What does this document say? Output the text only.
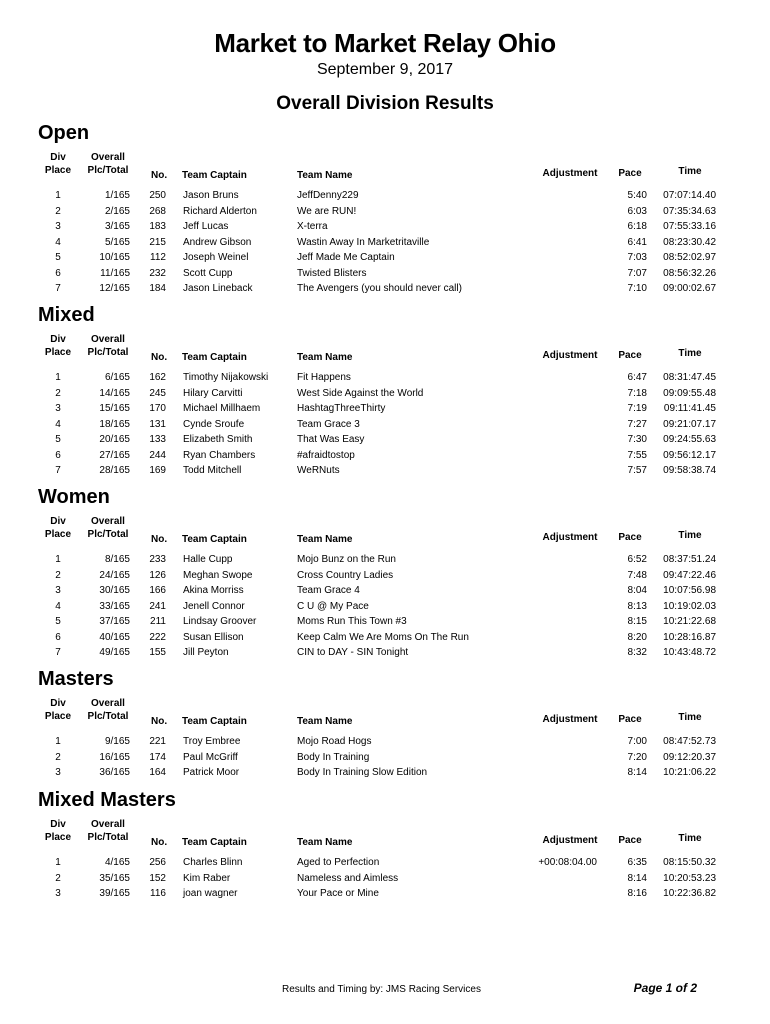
Market to Market Relay Ohio
September 9, 2017
Overall Division Results
Open
Div
Place
Overall
Plc/Total	No.	Team Captain	Team Name	Adjustment	Pace	Time
1	1/165	250 Jason Bruns	JeffDenny229	5:40	07:07:14.40
2	2/165	268 Richard Alderton	We are RUN!	6:03	07:35:34.63
3	3/165	183 Jeff Lucas	X-terra	6:18	07:55:33.16
4	5/165	215 Andrew Gibson	Wastin Away In Marketritaville	6:41	08:23:30.42
5	10/165	112 Joseph Weinel	Jeff Made Me Captain	7:03	08:52:02.97
6	11/165	232 Scott Cupp	Twisted Blisters	7:07	08:56:32.26
7	12/165	184 Jason Lineback	The Avengers (you should never call)	7:10	09:00:02.67
Mixed
Div
Place
Overall
Plc/Total	No.	Team Captain	Team Name	Adjustment	Pace	Time
1	6/165	162 Timothy Nijakowski	Fit Happens	6:47	08:31:47.45
2	14/165	245 Hilary Carvitti	West Side Against the World	7:18	09:09:55.48
3	15/165	170 Michael Millhaem	HashtagThreeThirty	7:19	09:11:41.45
4	18/165	131 Cynde Sroufe	Team Grace 3	7:27	09:21:07.17
5	20/165	133 Elizabeth Smith	That Was Easy	7:30	09:24:55.63
6	27/165	244 Ryan Chambers	#afraidtostop	7:55	09:56:12.17
7	28/165	169 Todd Mitchell	WeRNuts	7:57	09:58:38.74
Women
Div
Place
Overall
Plc/Total	No.	Team Captain	Team Name	Adjustment	Pace	Time
1	8/165	233 Halle Cupp	Mojo Bunz on the Run	6:52	08:37:51.24
2	24/165	126 Meghan Swope	Cross Country Ladies	7:48	09:47:22.46
3	30/165	166 Akina Morriss	Team Grace 4	8:04	10:07:56.98
4	33/165	241 Jenell Connor	C U @ My Pace	8:13	10:19:02.03
5	37/165	211 Lindsay Groover	Moms Run This Town #3	8:15	10:21:22.68
6	40/165	222 Susan Ellison	Keep Calm We Are Moms On The Run	8:20	10:28:16.87
7	49/165	155 Jill Peyton	CIN to DAY - SIN Tonight	8:32	10:43:48.72
Masters
Div
Place
Overall
Plc/Total	No.	Team Captain	Team Name	Adjustment	Pace	Time
1	9/165	221 Troy Embree	Mojo Road Hogs	7:00	08:47:52.73
2	16/165	174 Paul McGriff	Body In Training	7:20	09:12:20.37
3	36/165	164 Patrick Moor	Body In Training Slow Edition	8:14	10:21:06.22
Mixed Masters
Div
Place
Overall
Plc/Total	No.	Team Captain	Team Name	Adjustment	Pace	Time
1	4/165	256 Charles Blinn	Aged to Perfection	+00:08:04.00	6:35	08:15:50.32
2	35/165	152 Kim Raber	Nameless and Aimless	8:14	10:20:53.23
3	39/165	116 joan wagner	Your Pace or Mine	8:16	10:22:36.82
Results and Timing by: JMS Racing Services	Page 1 of 2
